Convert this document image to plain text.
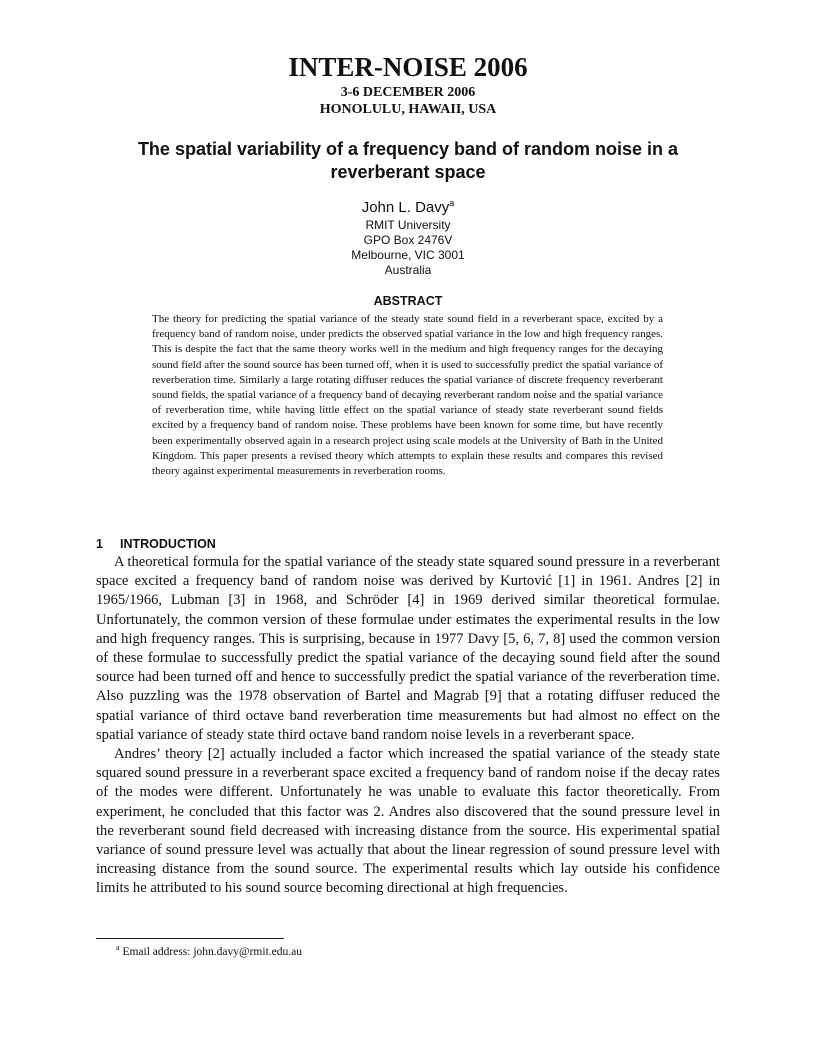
INTER-NOISE 2006
3-6 DECEMBER 2006
HONOLULU, HAWAII, USA
The spatial variability of a frequency band of random noise in a reverberant space
John L. Davy$^a$
RMIT University
GPO Box 2476V
Melbourne, VIC 3001
Australia
ABSTRACT

The theory for predicting the spatial variance of the steady state sound field in a reverberant space, excited by a frequency band of random noise, under predicts the observed spatial variance in the low and high frequency ranges. This is despite the fact that the same theory works well in the medium and high frequency ranges for the decaying sound field after the sound source has been turned off, when it is used to successfully predict the spatial variance of reverberation time. Similarly a large rotating diffuser reduces the spatial variance of discrete frequency reverberant sound fields, the spatial variance of a frequency band of decaying reverberant random noise and the spatial variance of reverberation time, while having little effect on the spatial variance of steady state reverberant sound fields excited by a frequency band of random noise. These problems have been known for some time, but have recently been experimentally observed again in a research project using scale models at the University of Bath in the United Kingdom. This paper presents a revised theory which attempts to explain these results and compares this revised theory against experimental measurements in reverberation rooms.

1 INTRODUCTION

A theoretical formula for the spatial variance of the steady state squared sound pressure in a reverberant space excited a frequency band of random noise was derived by Kurtović [1] in 1961. Andres [2] in 1965/1966, Lubman [3] in 1968, and Schröder [4] in 1969 derived similar theoretical formulae. Unfortunately, the common version of these formulae under estimates the experimental results in the low and high frequency ranges. This is surprising, because in 1977 Davy [5, 6, 7, 8] used the common version of these formulae to successfully predict the spatial variance of the decaying sound field after the sound source had been turned off and hence to successfully predict the spatial variance of the reverberation time. Also puzzling was the 1978 observation of Bartel and Magrab [9] that a rotating diffuser reduced the spatial variance of third octave band reverberation time measurements but had almost no effect on the spatial variance of steady state third octave band random noise levels in a reverberant space.

Andres’ theory [2] actually included a factor which increased the spatial variance of the steady state squared sound pressure in a reverberant space excited a frequency band of random noise if the decay rates of the modes were different. Unfortunately he was unable to evaluate this factor theoretically. From experiment, he concluded that this factor was 2. Andres also discovered that the sound pressure level in the reverberant sound field decreased with increasing distance from the source. His experimental spatial variance of sound pressure level was actually that about the linear regression of sound pressure level with increasing distance from the sound source. The experimental results which lay outside his confidence limits he attributed to his sound source becoming directional at high frequencies.

$^a$ Email address: john.davy@rmit.edu.au
